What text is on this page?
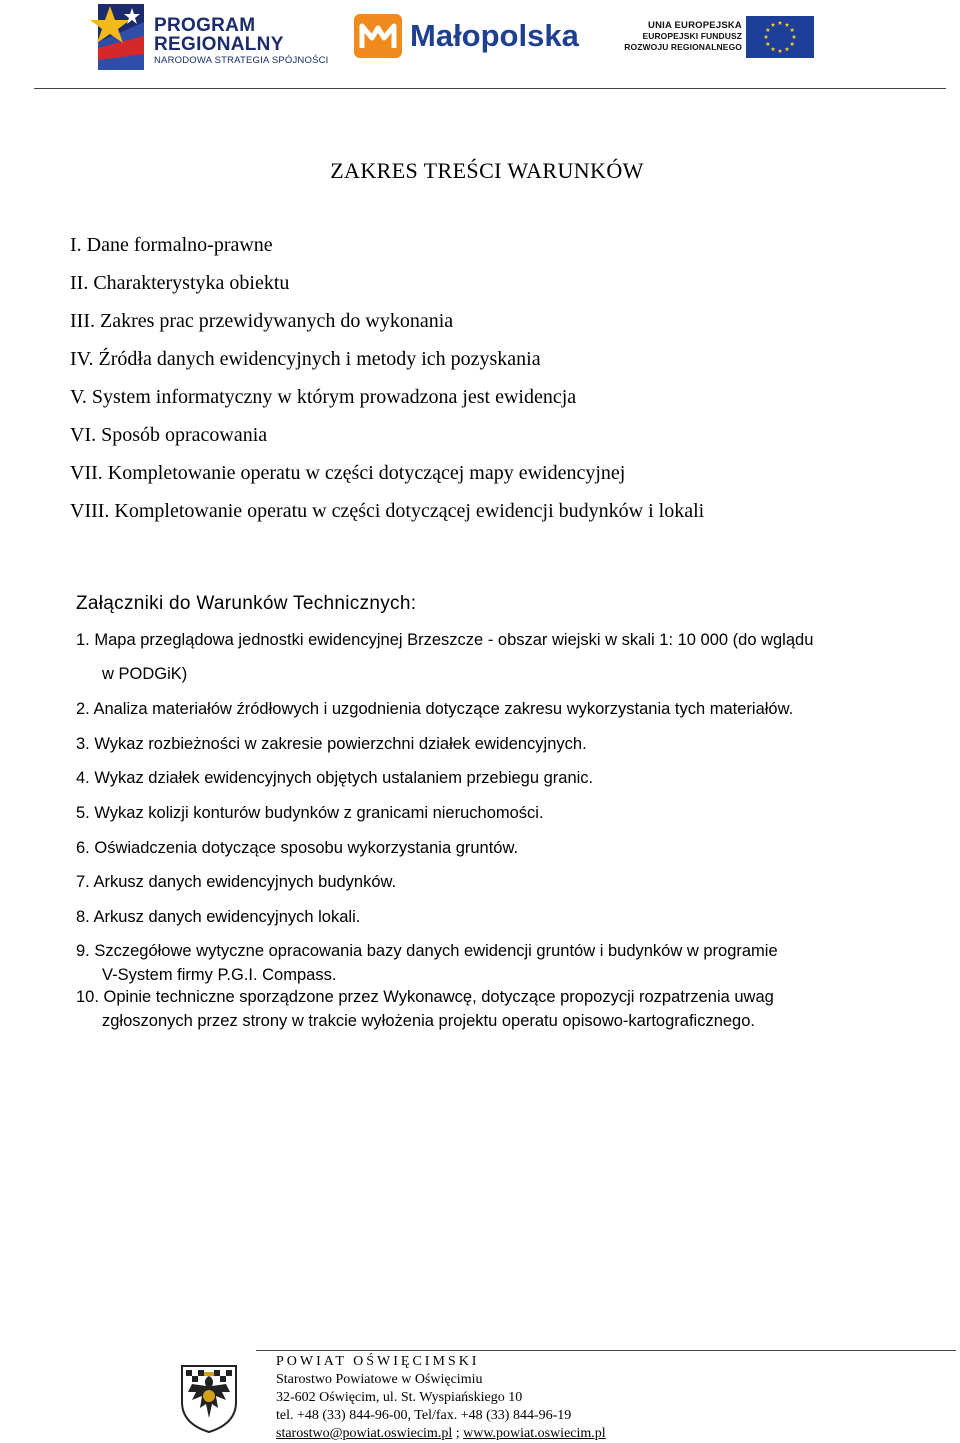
PROGRAM
REGIONALNY
NARODOWA STRATEGIA SPÓJNOŚCI
Małopolska	UNIA EUROPEJSKA
EUROPEJSKI FUNDUSZ
ROZWOJU REGIONALNEGO
ZAKRES TREŚCI WARUNKÓW
I. Dane formalno-prawne
II. Charakterystyka obiektu
III. Zakres prac przewidywanych do wykonania
IV. Źródła danych ewidencyjnych i metody ich pozyskania
V. System informatyczny w którym prowadzona jest ewidencja
VI. Sposób opracowania
VII. Kompletowanie operatu w części dotyczącej mapy ewidencyjnej
VIII. Kompletowanie operatu w części dotyczącej ewidencji budynków i lokali
Załączniki do Warunków Technicznych:
1. Mapa przeglądowa jednostki ewidencyjnej Brzeszcze - obszar wiejski w skali 1: 10 000 (do wglądu
w PODGiK)
2. Analiza materiałów źródłowych i uzgodnienia dotyczące zakresu wykorzystania tych materiałów.
3. Wykaz rozbieżności w zakresie powierzchni działek ewidencyjnych.
4. Wykaz działek ewidencyjnych objętych ustalaniem przebiegu granic.
5. Wykaz kolizji konturów budynków z granicami nieruchomości.
6. Oświadczenia dotyczące sposobu wykorzystania gruntów.
7. Arkusz danych ewidencyjnych budynków.
8. Arkusz danych ewidencyjnych lokali.
9. Szczegółowe wytyczne opracowania bazy danych ewidencji gruntów i budynków w programie
V-System firmy P.G.I. Compass.
10. Opinie techniczne sporządzone przez Wykonawcę, dotyczące propozycji rozpatrzenia uwag
zgłoszonych przez strony w trakcie wyłożenia projektu operatu opisowo-kartograficznego.
POWIAT OŚWIĘCIMSKI
Starostwo Powiatowe w Oświęcimiu
32-602 Oświęcim, ul. St. Wyspiańskiego 10
tel. +48 (33) 844-96-00, Tel/fax. +48 (33) 844-96-19
starostwo@powiat.oswiecim.pl ; www.powiat.oswiecim.pl
